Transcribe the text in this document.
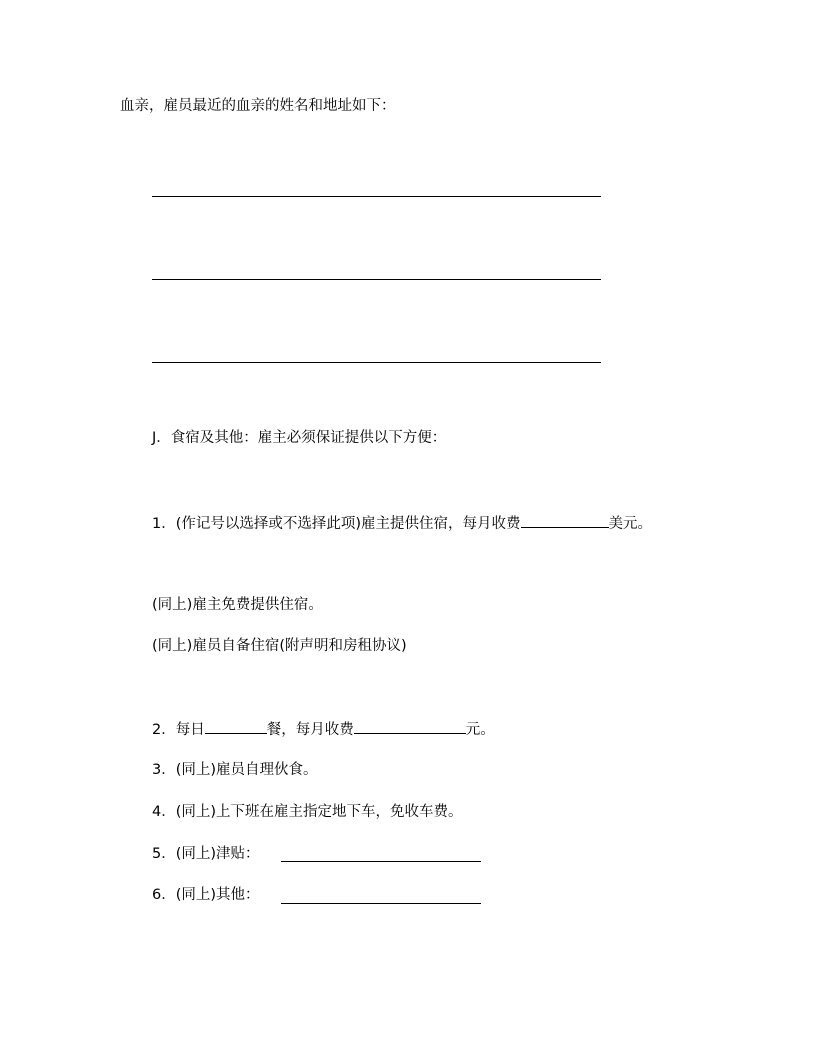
血亲，雇员最近的血亲的姓名和地址如下：
J．食宿及其他：雇主必须保证提供以下方便：
1．(作记号以选择或不选择此项)雇主提供住宿，每月收费	美元。
(同上)雇主免费提供住宿。
(同上)雇员自备住宿(附声明和房租协议)
2．每日	餐，每月收费	元。
3．(同上)雇员自理伙食。
4．(同上)上下班在雇主指定地下车，免收车费。
5．(同上)津贴：
6．(同上)其他：
